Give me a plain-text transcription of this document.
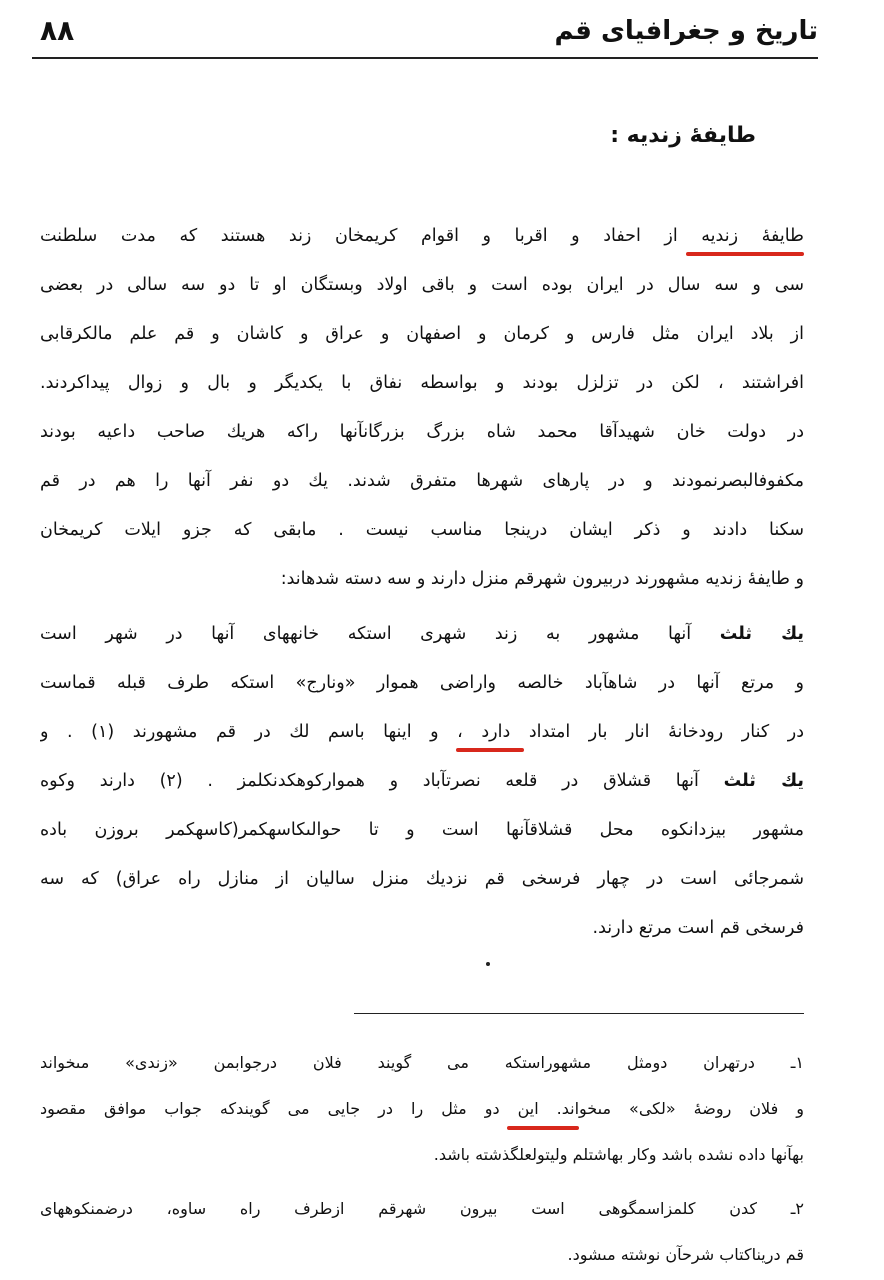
تاريخ و جغرافياى قم
٨٨
طايفهٔ زنديه :
طايفهٔ زنديه از احفاد و اقربا و اقوام كريمخان زند هستند كه مدت سلطنت
سى و سه سال در ايران بوده است و باقى اولاد وبستگان او تا دو سه سالى در بعضى
از بلاد ايران مثل فارس و كرمان و اصفهان و عراق و كاشان و قم علم مالكرقابى
افراشتند ، لكن در تزلزل بودند و بواسطه نفاق با يكديگر و بال و زوال پيداكردند.
در دولت خان شهيدآقا محمد شاه بزرگ بزرگانآنها راكه هريك صاحب داعيه بودند
مكفوفالبصرنمودند و در پارهاى شهرها متفرق شدند. يك دو نفر آنها را هم در قم
سكنا دادند و ذكر ايشان درينجا مناسب نيست . مابقى كه جزو ايلات كريمخان
و طايفهٔ زنديه مشهورند دربيرون شهرقم منزل دارند و سه دسته شدهاند:
يك ثلث آنها مشهور به زند شهرى استكه خانههاى آنها در شهر است
و مرتع آنها در شاهآباد خالصه واراضى هموار «ونارج» استكه طرف قبله قماست
در كنار رودخانهٔ انار بار امتداد دارد ، و اينها باسم لك در قم مشهورند (١) . و
يك ثلث آنها قشلاق در قلعه نصرتآباد و همواركوهكدنكلمز . (٢) دارند وكوه
مشهور بيزدانكوه محل قشلاقآنها است و تا حوالىكاسهكمر(كاسهكمر بروزن باده
شمرجائى است در چهار فرسخى قم نزديك منزل ساليان از منازل راه عراق) كه سه
فرسخى قم است مرتع دارند.
١ـ درتهران دومثل مشهوراستكه مى گويند فلان درجوابمن «زندى» مىخواند
و فلان روضهٔ «لكى» مىخواند. اين دو مثل را در جايى مى گويندكه جواب موافق مقصود
بهآنها داده نشده باشد وكار بهاشتلم وليتولعلگذشته باشد.
٢ـ كدن كلمزاسمگوهى است بيرون شهرقم ازطرف راه ساوه، درضمنكوههاى
قم دريناكتاب شرحآن نوشته مىشود.
